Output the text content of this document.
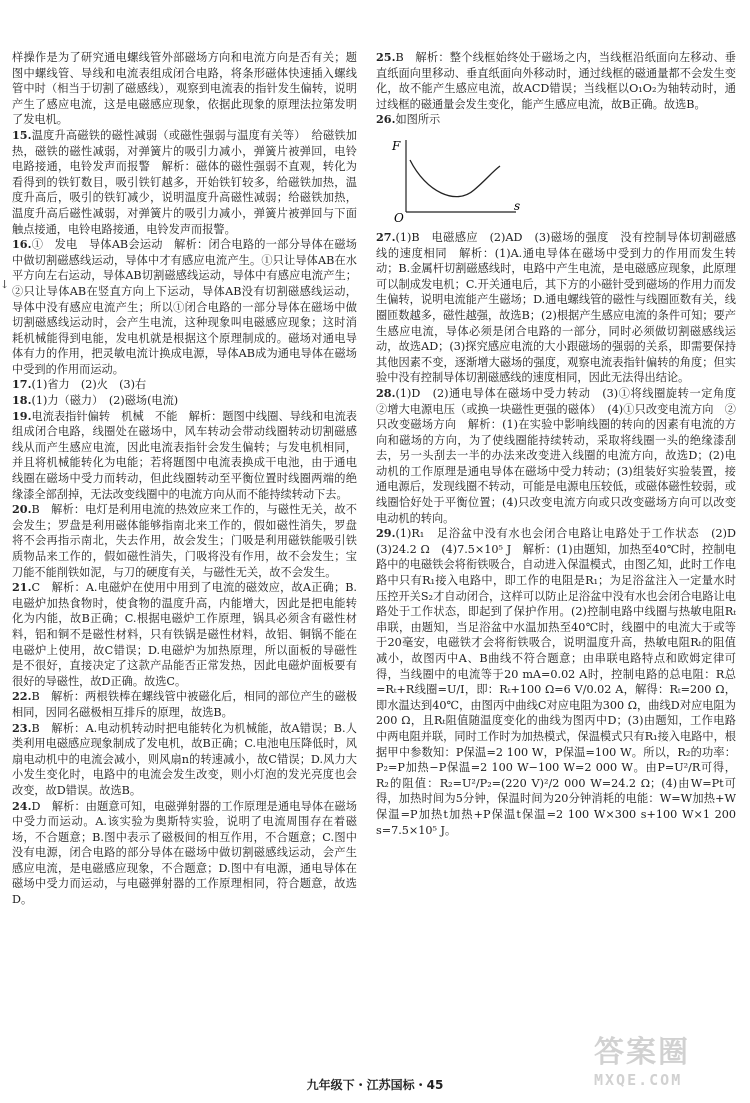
↓
样操作是为了研究通电螺线管外部磁场方向和电流方向是否有关；题图中螺线管、导线和电流表组成闭合电路，将条形磁体快速插入螺线管中时（相当于切割了磁感线），观察到电流表的指针发生偏转，说明产生了感应电流，这是电磁感应现象，依据此现象的原理法拉第发明了发电机。
15.温度升高磁铁的磁性减弱（或磁性强弱与温度有关等）　给磁铁加热，磁铁的磁性减弱，对弹簧片的吸引力减小，弹簧片被弹回，电铃电路接通，电铃发声而报警　解析：磁体的磁性强弱不直观，转化为看得到的铁钉数目，吸引铁钉越多，开始铁钉较多，给磁铁加热，温度升高后，吸引的铁钉减少，说明温度升高磁性减弱；给磁铁加热，温度升高后磁性减弱，对弹簧片的吸引力减小，弹簧片被弹回与下面触点接通，电铃电路接通，电铃发声而报警。
16.①　发电　导体AB会运动　解析：闭合电路的一部分导体在磁场中做切割磁感线运动，导体中才有感应电流产生。①只让导体AB在水平方向左右运动，导体AB切割磁感线运动，导体中有感应电流产生；②只让导体AB在竖直方向上下运动，导体AB没有切割磁感线运动，导体中没有感应电流产生；所以①闭合电路的一部分导体在磁场中做切割磁感线运动时，会产生电流，这种现象叫电磁感应现象；这时消耗机械能得到电能，发电机就是根据这个原理制成的。磁场对通电导体有力的作用，把灵敏电流计换成电源，导体AB成为通电导体在磁场中受到的作用而运动。
17.(1)省力　(2)火　(3)右
18.(1)力（磁力）　(2)磁场(电流)
19.电流表指针偏转　机械　不能　解析：题图中线圈、导线和电流表组成闭合电路，线圈处在磁场中，风车转动会带动线圈转动切割磁感线从而产生感应电流，因此电流表指针会发生偏转；与发电机相同，并且将机械能转化为电能；若将题图中电流表换成干电池，由于通电线圈在磁场中受力而转动，但此线圈转动至平衡位置时线圈两端的绝缘漆全部刮掉，无法改变线圈中的电流方向从而不能持续转动下去。
20.B　解析：电灯是利用电流的热效应来工作的，与磁性无关，故不会发生；罗盘是利用磁体能够指南北来工作的，假如磁性消失，罗盘将不会再指示南北，失去作用，故会发生；门吸是利用磁铁能吸引铁质物品来工作的，假如磁性消失，门吸将没有作用，故不会发生；宝刀能不能削铁如泥，与刀的硬度有关，与磁性无关，故不会发生。
21.C　解析：A.电磁炉在使用中用到了电流的磁效应，故A正确；B.电磁炉加热食物时，使食物的温度升高，内能增大，因此是把电能转化为内能，故B正确；C.根据电磁炉工作原理，锅具必须含有磁性材料，铝和铜不是磁性材料，只有铁锅是磁性材料，故铝、铜锅不能在电磁炉上使用，故C错误；D.电磁炉为加热原理，所以面板的导磁性是不很好，直接决定了这款产品能否正常发热，因此电磁炉面板要有很好的导磁性，故D正确。故选C。
22.B　解析：两根铁棒在螺线管中被磁化后，相同的部位产生的磁极相同，因同名磁极相互排斥的原理，故选B。
23.B　解析：A.电动机转动时把电能转化为机械能，故A错误；B.人类利用电磁感应现象制成了发电机，故B正确；C.电池电压降低时，风扇电动机中的电流会减小，则风扇n的转速减小，故C错误；D.风力大小发生变化时，电路中的电流会发生改变，则小灯泡的发光亮度也会改变，故D错误。故选B。
24.D　解析：由题意可知，电磁弹射器的工作原理是通电导体在磁场中受力而运动。A.该实验为奥斯特实验，说明了电流周围存在着磁场，不合题意；B.图中表示了磁极间的相互作用，不合题意；C.图中没有电源，闭合电路的部分导体在磁场中做切割磁感线运动，会产生感应电流，是电磁感应现象，不合题意；D.图中有电源，通电导体在磁场中受力而运动，与电磁弹射器的工作原理相同，符合题意，故选D。
25.B　解析：整个线框始终处于磁场之内，当线框沿纸面向左移动、垂直纸面向里移动、垂直纸面向外移动时，通过线框的磁通量都不会发生变化，故不能产生感应电流，故ACD错误；当线框以O₁O₂为轴转动时，通过线框的磁通量会发生变化，能产生感应电流，故B正确。故选B。
26.如图所示
F
O
s
27.(1)B　电磁感应　(2)AD　(3)磁场的强度　没有控制导体切割磁感线的速度相同　解析：(1)A.通电导体在磁场中受到力的作用而发生转动；B.金属杆切割磁感线时，电路中产生电流，是电磁感应现象，此原理可以制成发电机；C.开关通电后，其下方的小磁针受到磁场的作用力而发生偏转，说明电流能产生磁场；D.通电螺线管的磁性与线圈匝数有关，线圈匝数越多，磁性越强，故选B；(2)根据产生感应电流的条件可知；要产生感应电流，导体必须是闭合电路的一部分，同时必须做切割磁感线运动，故选AD；(3)探究感应电流的大小跟磁场的强弱的关系，即需要保持其他因素不变，逐渐增大磁场的强度，观察电流表指针偏转的角度；但实验中没有控制导体切割磁感线的速度相同，因此无法得出结论。
28.(1)D　(2)通电导体在磁场中受力转动　(3)①将线圈旋转一定角度　②增大电源电压（或换一块磁性更强的磁体）　(4)①只改变电流方向　②只改变磁场方向　解析：(1)在实验中影响线圈的转向的因素有电流的方向和磁场的方向，为了使线圈能持续转动，采取将线圈一头的绝缘漆刮去，另一头刮去一半的办法来改变进入线圈的电流方向，故选D；(2)电动机的工作原理是通电导体在磁场中受力转动；(3)组装好实验装置，接通电源后，发现线圈不转动，可能是电源电压较低，或磁体磁性较弱，或线圈恰好处于平衡位置；(4)只改变电流方向或只改变磁场方向可以改变电动机的转向。
29.(1)R₁　足浴盆中没有水也会闭合电路让电路处于工作状态　(2)D　(3)24.2 Ω　(4)7.5×10⁵ J　解析：(1)由题知，加热至40℃时，控制电路中的电磁铁会将衔铁吸合，自动进入保温模式，由图乙知，此时工作电路中只有R₁接入电路中，即工作的电阻是R₁；为足浴盆注入一定量水时压控开关S₂才自动闭合，这样可以防止足浴盆中没有水也会闭合电路让电路处于工作状态，即起到了保护作用。(2)控制电路中线圈与热敏电阻Rₜ串联，由题知，当足浴盆中水温加热至40℃时，线圈中的电流大于或等于20毫安，电磁铁才会将衔铁吸合，说明温度升高，热敏电阻Rₜ的阻值减小，故图丙中A、B曲线不符合题意；由串联电路特点和欧姆定律可得，当线圈中的电流等于20 mA=0.02 A时，控制电路的总电阻：R总=Rₜ+R线圈=U/I，即：Rₜ+100 Ω=6 V/0.02 A，解得：Rₜ=200 Ω，即水温达到40℃，由图丙中曲线C对应电阻为300 Ω，曲线D对应电阻为200 Ω，且Rₜ阻值随温度变化的曲线为图丙中D；(3)由题知，工作电路中两电阻并联，同时工作时为加热模式，保温模式只有R₁接入电路中，根据甲中参数知：P保温=2 100 W，P保温=100 W。所以，R₂的功率：P₂=P加热−P保温=2 100 W−100 W=2 000 W。由P=U²/R可得，R₂的阻值：R₂=U²/P₂=(220 V)²/2 000 W=24.2 Ω；(4)由W=Pt可得，加热时间为5分钟，保温时间为20分钟消耗的电能：W=W加热+W保温=P加热t加热+P保温t保温=2 100 W×300 s+100 W×1 200 s=7.5×10⁵ J。
九年级下・江苏国标・45
答案圈
MXQE.COM
